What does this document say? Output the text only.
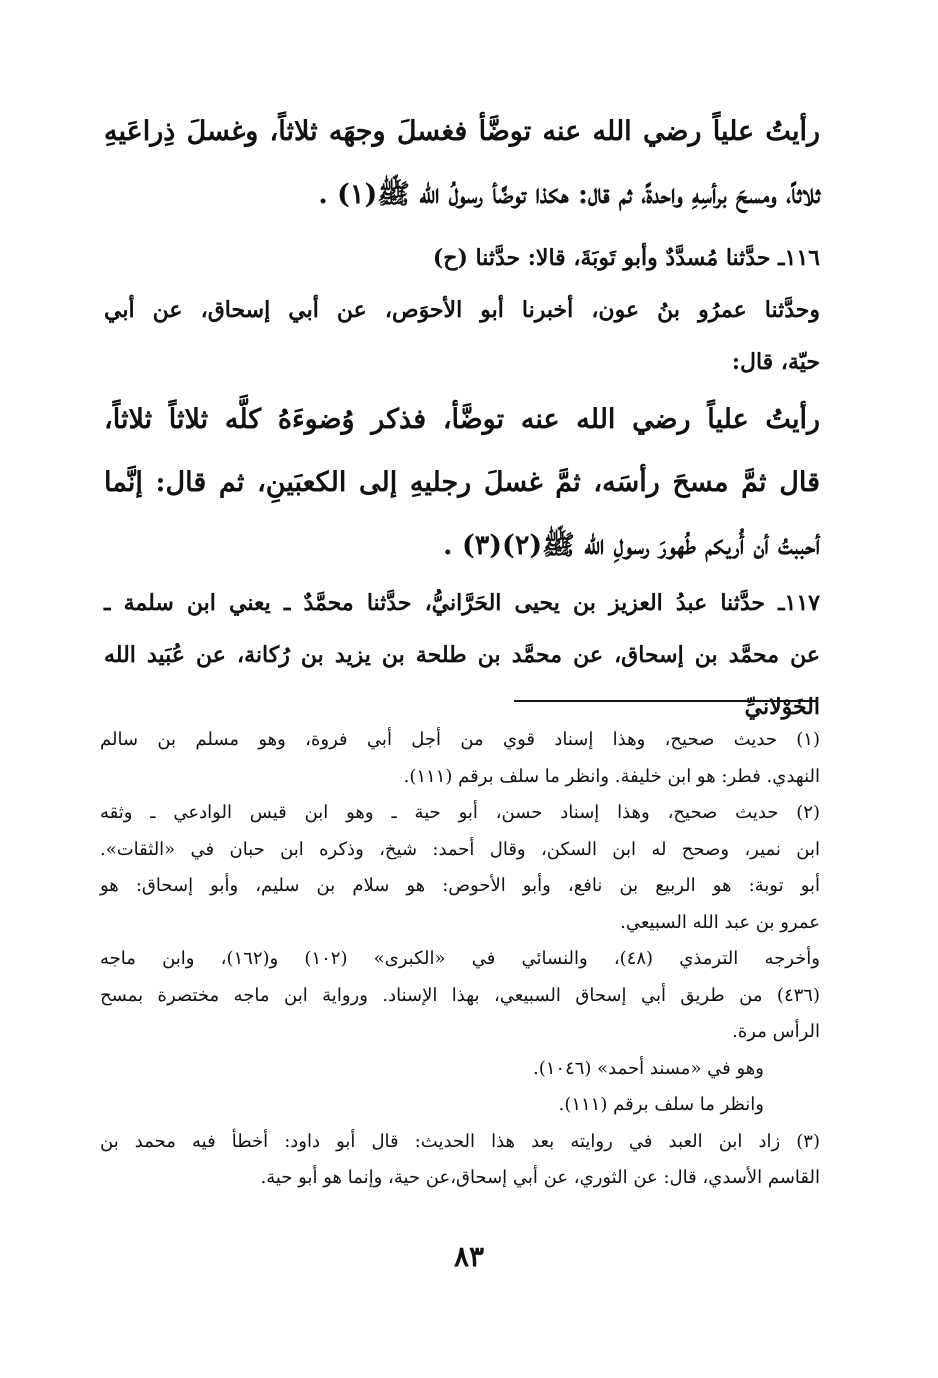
رأيتُ علياً رضي الله عنه توضَّأ فغسلَ وجهَه ثلاثاً، وغسلَ ذِراعَيهِ
ثلاثاً، ومسحَ برأسِهِ واحدةً، ثم قال: هكذا توضَّأ رسولُ الله ﷺ(١) .
١١٦ـ حدَّثنا مُسدَّدٌ وأبو تَوبَةَ، قالا: حدَّثنا (ح)
وحدَّثنا عمرُو بنُ عون، أخبرنا أبو الأحوَص، عن أبي إسحاق، عن أبي
حيّة، قال:
رأيتُ علياً رضي الله عنه توضَّأ، فذكر وُضوءَهُ كلَّه ثلاثاً ثلاثاً،
قال ثمَّ مسحَ رأسَه، ثمَّ غسلَ رجليهِ إلى الكعبَينِ، ثم قال: إنَّما
أحببتُ أن أُريكم طُهورَ رسولِ الله ﷺ(٢)(٣) .
١١٧ـ حدَّثنا عبدُ العزيز بن يحيى الحَرَّانيُّ، حدَّثنا محمَّدٌ ـ يعني ابن سلمة ـ
عن محمَّد بن إسحاق، عن محمَّد بن طلحة بن يزيد بن رُكانة، عن عُبَيد الله
الخَوْلانيِّ
(١) حديث صحيح، وهذا إسناد قوي من أجل أبي فروة، وهو مسلم بن سالم
النهدي. فطر: هو ابن خليفة. وانظر ما سلف برقم (١١١).
(٢) حديث صحيح، وهذا إسناد حسن، أبو حية ـ وهو ابن قيس الوادعي ـ وثقه
ابن نمير، وصحح له ابن السكن، وقال أحمد: شيخ، وذكره ابن حبان في «الثقات».
أبو توبة: هو الربيع بن نافع، وأبو الأحوص: هو سلام بن سليم، وأبو إسحاق: هو
عمرو بن عبد الله السبيعي.
وأخرجه الترمذي (٤٨)، والنسائي في «الكبرى» (١٠٢) و(١٦٢)، وابن ماجه
(٤٣٦) من طريق أبي إسحاق السبيعي، بهذا الإسناد. ورواية ابن ماجه مختصرة بمسح
الرأس مرة.
وهو في «مسند أحمد» (١٠٤٦).
وانظر ما سلف برقم (١١١).
(٣) زاد ابن العبد في روايته بعد هذا الحديث: قال أبو داود: أخطأ فيه محمد بن
القاسم الأسدي، قال: عن الثوري، عن أبي إسحاق،عن حية، وإنما هو أبو حية.
٨٣
